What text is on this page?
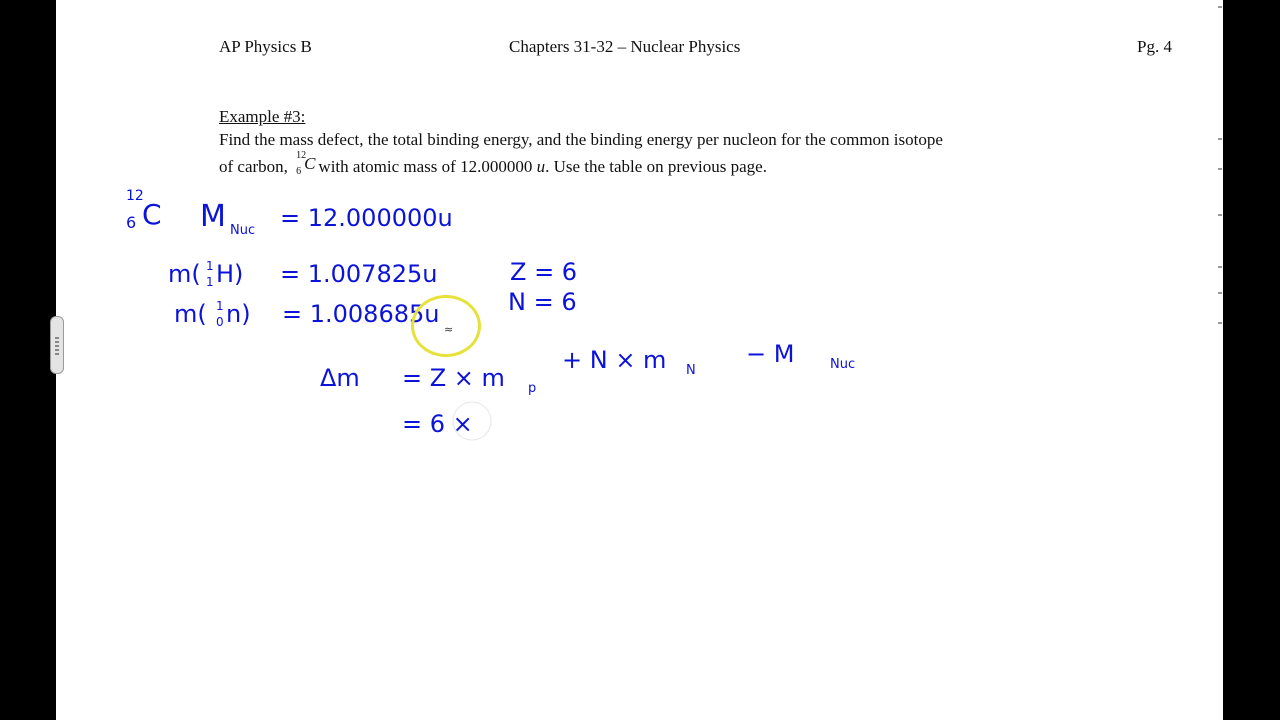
AP Physics B	Chapters 31-32 – Nuclear Physics	Pg. 4
Example #3:
Find the mass defect, the total binding energy, and the binding energy per nucleon for the common isotope
of carbon,
12
6 C with atomic mass of 12.000000 u. Use the table on previous page.
12
6 C M Nuc = 12.000000u
m( 1
1 H) = 1.007825u	Z = 6
m( 1
0 n) = 1.008685u	N = 6
Δm = Z × m p
+ N × m N
− M	Nuc
= 6 ×
≈
